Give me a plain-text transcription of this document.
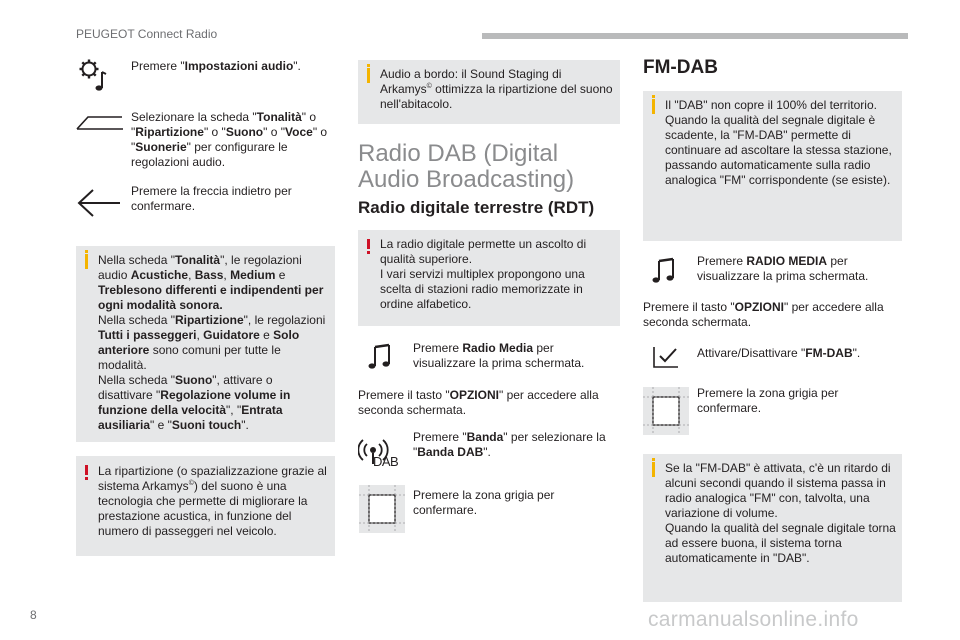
PEUGEOT Connect Radio
8	carmanualsonline.info
Premere "Impostazioni audio".
Selezionare la scheda "Tonalità" o "Ripartizione" o "Suono" o "Voce" o "Suonerie" per configurare le regolazioni audio.
Premere la freccia indietro per confermare.
Nella scheda "Tonalità", le regolazioni audio Acustiche, Bass, Medium e Treblesono differenti e indipendenti per ogni modalità sonora.
Nella scheda "Ripartizione", le regolazioni Tutti i passeggeri, Guidatore e Solo anteriore sono comuni per tutte le modalità.
Nella scheda "Suono", attivare o disattivare "Regolazione volume in funzione della velocità", "Entrata ausiliaria" e "Suoni touch".
La ripartizione (o spazializzazione grazie al sistema Arkamys©) del suono è una tecnologia che permette di migliorare la prestazione acustica, in funzione del numero di passeggeri nel veicolo.
Audio a bordo: il Sound Staging di Arkamys© ottimizza la ripartizione del suono nell'abitacolo.
Radio DAB (Digital Audio Broadcasting)
Radio digitale terrestre (RDT)
La radio digitale permette un ascolto di qualità superiore.
I vari servizi multiplex propongono una scelta di stazioni radio memorizzate in ordine alfabetico.
Premere Radio Media per visualizzare la prima schermata.
Premere il tasto "OPZIONI" per accedere alla seconda schermata.
DAB
Premere "Banda" per selezionare la "Banda DAB".
Premere la zona grigia per confermare.
FM-DAB
Il "DAB" non copre il 100% del territorio. Quando la qualità del segnale digitale è scadente, la "FM-DAB" permette di continuare ad ascoltare la stessa stazione, passando automaticamente sulla radio analogica "FM" corrispondente (se esiste).
Premere RADIO MEDIA per visualizzare la prima schermata.
Premere il tasto "OPZIONI" per accedere alla seconda schermata.
Attivare/Disattivare "FM-DAB".
Premere la zona grigia per confermare.
Se la "FM-DAB" è attivata, c'è un ritardo di alcuni secondi quando il sistema passa in radio analogica "FM" con, talvolta, una variazione di volume.
Quando la qualità del segnale digitale torna ad essere buona, il sistema torna automaticamente in "DAB".
